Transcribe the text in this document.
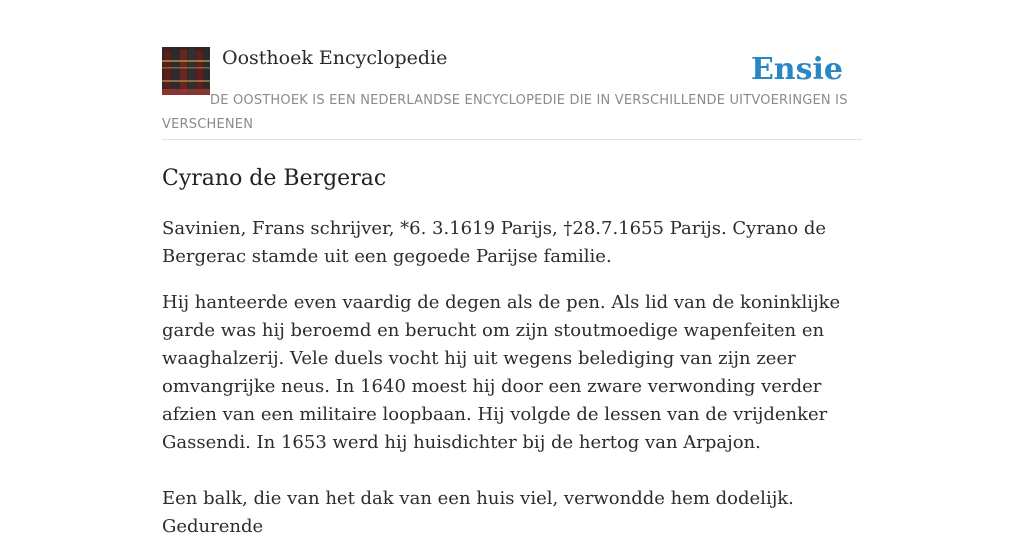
Oosthoek Encyclopedie	Ensie
DE OOSTHOEK IS EEN NEDERLANDSE ENCYCLOPEDIE DIE IN VERSCHILLENDE UITVOERINGEN IS VERSCHENEN
Cyrano de Bergerac

Savinien, Frans schrijver, *6. 3.1619 Parijs, †28.7.1655 Parijs. Cyrano de Bergerac stamde uit een gegoede Parijse familie.

Hij hanteerde even vaardig de degen als de pen. Als lid van de koninklijke garde was hij beroemd en berucht om zijn stoutmoedige wapenfeiten en waaghalzerij. Vele duels vocht hij uit wegens belediging van zijn zeer omvangrijke neus. In 1640 moest hij door een zware verwonding verder afzien van een militaire loopbaan. Hij volgde de lessen van de vrijdenker Gassendi. In 1653 werd hij huisdichter bij de hertog van Arpajon.

Een balk, die van het dak van een huis viel, verwondde hem dodelijk. Gedurende
